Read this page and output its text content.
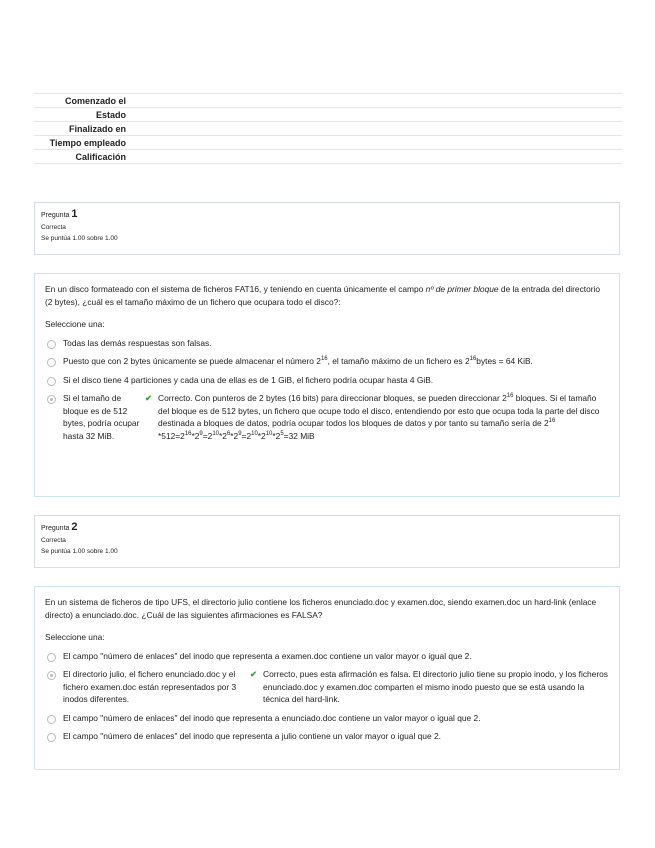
Comenzado el
Estado
Finalizado en
Tiempo empleado
Calificación
Pregunta 1
Correcta
Se puntúa 1.00 sobre 1.00
En un disco formateado con el sistema de ficheros FAT16, y teniendo en cuenta únicamente el campo nº de primer bloque de la entrada del directorio (2 bytes), ¿cuál es el tamaño máximo de un fichero que ocupara todo el disco?:
Seleccione una:
Todas las demás respuestas son falsas.
Puesto que con 2 bytes únicamente se puede almacenar el número $2^{16}$, el tamaño máximo de un fichero es $2^{16}bytes = 64$ KiB.
Si el disco tiene 4 particiones y cada una de ellas es de 1 GiB, el fichero podría ocupar hasta 4 GiB.
Si el tamaño de bloque es de 512 bytes, podría ocupar hasta 32 MiB.
✔ Correcto. Con punteros de 2 bytes (16 bits) para direccionar bloques, se pueden direccionar $2^{16}$ bloques. Si el tamaño del bloque es de 512 bytes, un fichero que ocupe todo el disco, entendiendo por esto que ocupa toda la parte del disco destinada a bloques de datos, podría ocupar todos los bloques de datos y por tanto su tamaño sería de $2^{16}$ $*512=2^{16}*2^9=2^{10}*2^6*2^9=2^{10}*2^{10}*2^5=32$ MiB
Pregunta 2
Correcta
Se puntúa 1.00 sobre 1.00
En un sistema de ficheros de tipo UFS, el directorio julio contiene los ficheros enunciado.doc y examen.doc, siendo examen.doc un hard-link (enlace directo) a enunciado.doc. ¿Cuál de las siguientes afirmaciones es FALSA?
Seleccione una:
El campo "número de enlaces" del inodo que representa a examen.doc contiene un valor mayor o igual que 2.
El directorio julio, el fichero enunciado.doc y el fichero examen.doc están representados por 3 inodos diferentes.
✔ Correcto, pues esta afirmación es falsa. El directorio julio tiene su propio inodo, y los ficheros enunciado.doc y examen.doc comparten el mismo inodo puesto que se está usando la técnica del hard-link.
El campo "número de enlaces" del inodo que representa a enunciado.doc contiene un valor mayor o igual que 2.
El campo "número de enlaces" del inodo que representa a julio contiene un valor mayor o igual que 2.
